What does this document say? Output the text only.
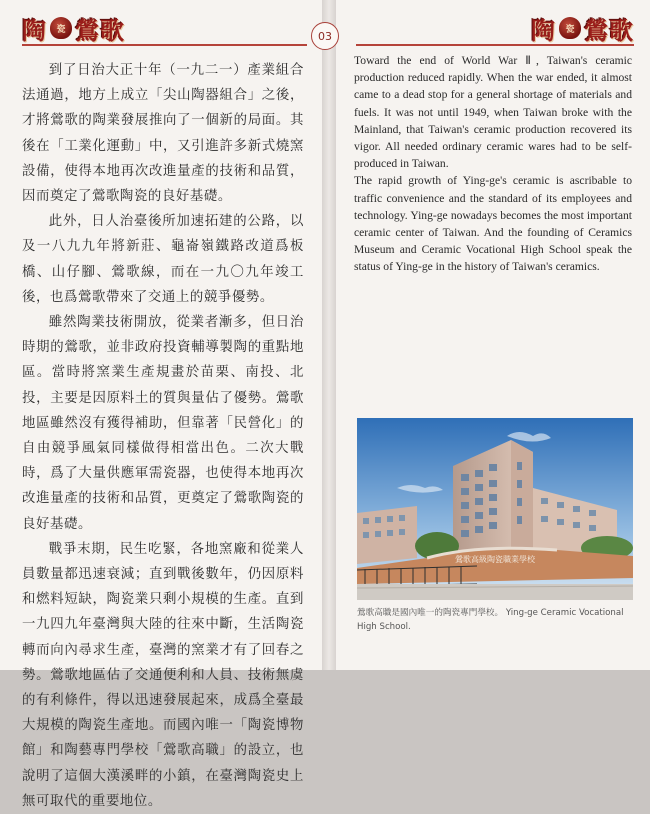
陶 瓷 鶯歌

到了日治大正十年（一九二一）產業組合法通過，地方上成立「尖山陶器組合」之後，才將鶯歌的陶業發展推向了一個新的局面。其後在「工業化運動」中，又引進許多新式燒窯設備，使得本地再次改進量產的技術和品質，因而奠定了鶯歌陶瓷的良好基礎。

此外，日人治臺後所加速拓建的公路，以及一八九九年將新莊、龜崙嶺鐵路改道爲板橋、山仔腳、鶯歌線，而在一九〇九年竣工後，也爲鶯歌帶來了交通上的競爭優勢。

雖然陶業技術開放，從業者漸多，但日治時期的鶯歌，並非政府投資輔導製陶的重點地區。當時將窯業生產規畫於苗栗、南投、北投，主要是因原料土的質與量佔了優勢。鶯歌地區雖然沒有獲得補助，但靠著「民營化」的自由競爭風氣同樣做得相當出色。二次大戰時，爲了大量供應軍需瓷器，也使得本地再次改進量產的技術和品質，更奠定了鶯歌陶瓷的良好基礎。

戰爭末期，民生吃緊，各地窯廠和從業人員數量都迅速衰減；直到戰後數年，仍因原料和燃料短缺，陶瓷業只剩小規模的生產。直到一九四九年臺灣與大陸的往來中斷，生活陶瓷轉而向內尋求生產，臺灣的窯業才有了回春之勢。鶯歌地區佔了交通便利和人員、技術無虞的有利條件，得以迅速發展起來，成爲全臺最大規模的陶瓷生產地。而國內唯一「陶瓷博物館」和陶藝專門學校「鶯歌高職」的設立，也說明了這個大漢溪畔的小鎮，在臺灣陶瓷史上無可取代的重要地位。

03	陶 瓷 鶯歌

Toward the end of World War Ⅱ, Taiwan's ceramic production reduced rapidly. When the war ended, it almost came to a dead stop for a general shortage of materials and fuels. It was not until 1949, when Taiwan broke with the Mainland, that Taiwan's ceramic production recovered its vigor. All needed ordinary ceramic wares had to be self-produced in Taiwan.

The rapid growth of Ying-ge's ceramic is ascribable to traffic convenience and the standard of its employees and technology. Ying-ge nowadays becomes the most important ceramic center of Taiwan. And the founding of Ceramics Museum and Ceramic Vocational High School speak the status of Ying-ge in the history of Taiwan's ceramics.

鶯歌高級陶瓷職業學校
鶯歌高職是國內唯一的陶瓷專門學校。 Ying-ge Ceramic Vocational High School.
